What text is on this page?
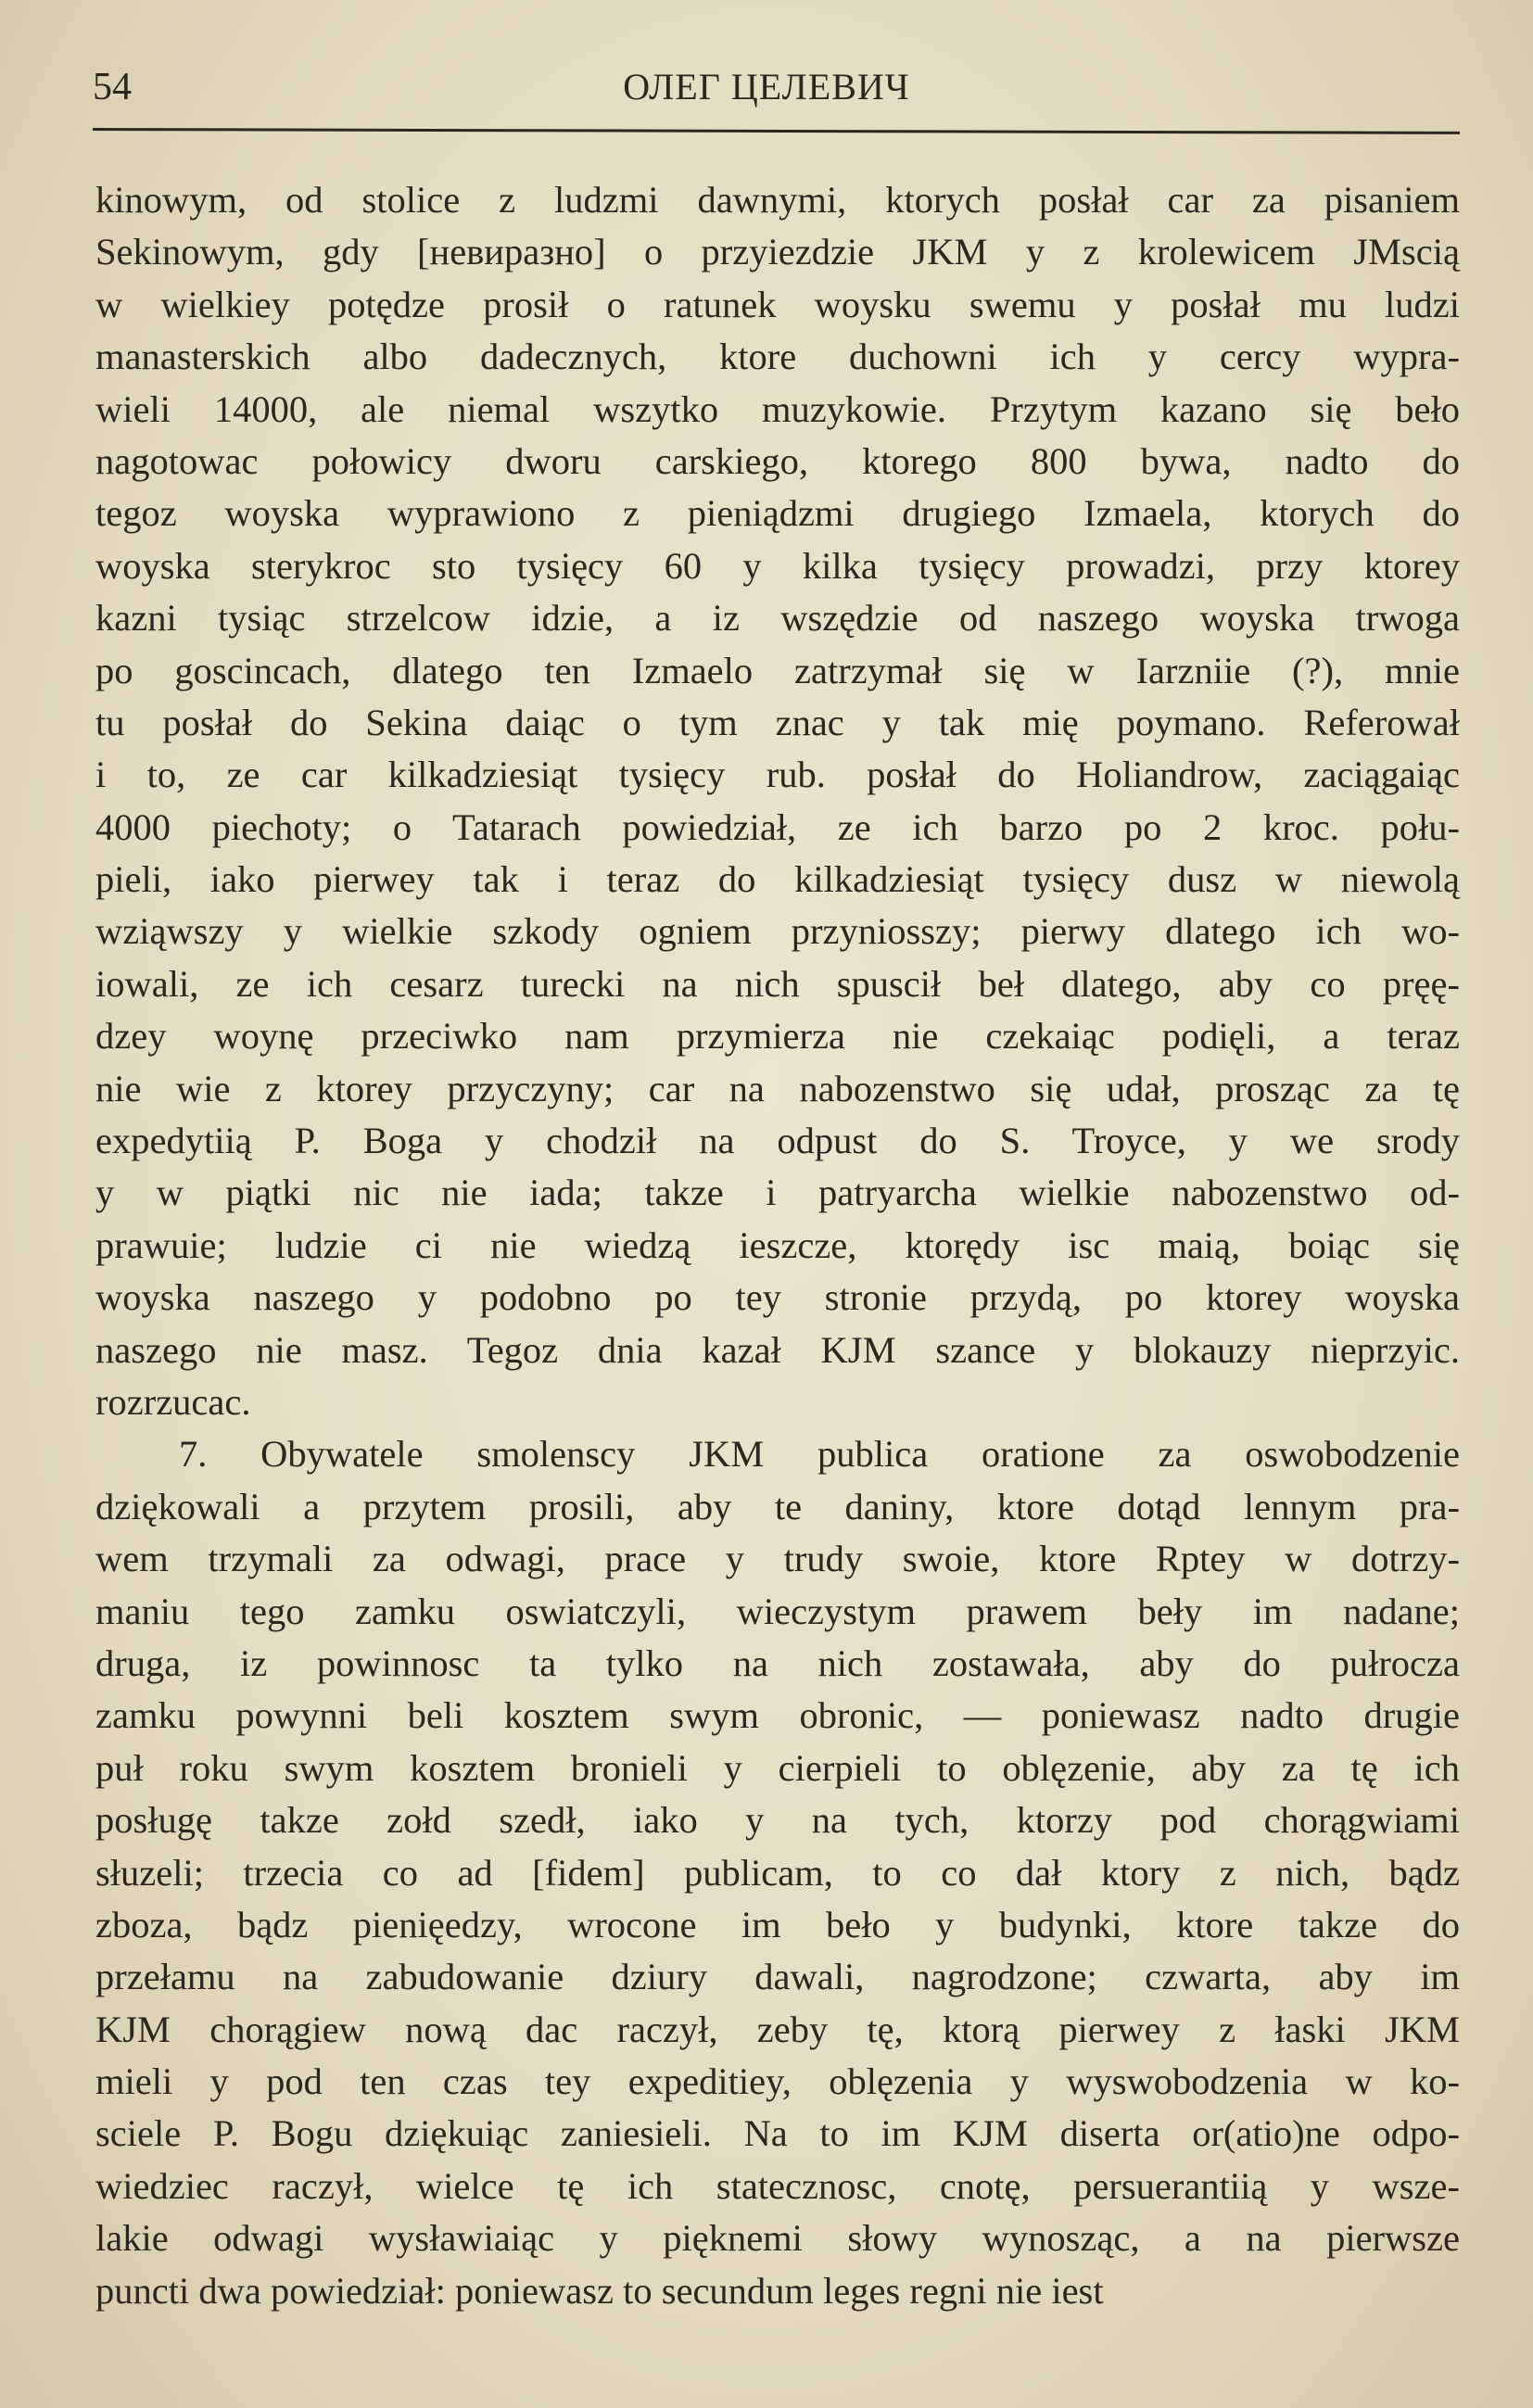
54	ОЛЕГ ЦЕЛЕВИЧ
kinowym, od stolice z ludzmi dawnymi, ktorych posłał car za pisaniem
Sekinowym, gdy [невиразно] o przyiezdzie JKM y z krolewicem JMscią
w wielkiey potędze prosił o ratunek woysku swemu y posłał mu ludzi
manasterskich albo dadecznych, ktore duchowni ich y cercy wypra-
wieli 14000, ale niemal wszytko muzykowie. Przytym kazano się beło
nagotowac połowicy dworu carskiego, ktorego 800 bywa, nadto do
tegoz woyska wyprawiono z pieniądzmi drugiego Izmaela, ktorych do
woyska sterykroc sto tysięcy 60 y kilka tysięcy prowadzi, przy ktorey
kazni tysiąc strzelcow idzie, a iz wszędzie od naszego woyska trwoga
po goscincach, dlatego ten Izmaelo zatrzymał się w Iarzniie (?), mnie
tu posłał do Sekina daiąc o tym znac y tak mię poymano. Referował
i to, ze car kilkadziesiąt tysięcy rub. posłał do Holiandrow, zaciągaiąc
4000 piechoty; o Tatarach powiedział, ze ich barzo po 2 kroc. połu-
pieli, iako pierwey tak i teraz do kilkadziesiąt tysięcy dusz w niewolą
wziąwszy y wielkie szkody ogniem przyniosszy; pierwy dlatego ich wo-
iowali, ze ich cesarz turecki na nich spuscił beł dlatego, aby co pręę-
dzey woynę przeciwko nam przymierza nie czekaiąc podięli, a teraz
nie wie z ktorey przyczyny; car na nabozenstwo się udał, prosząc za tę
expedytiią P. Boga y chodził na odpust do S. Troyce, y we srody
y w piątki nic nie iada; takze i patryarcha wielkie nabozenstwo od-
prawuie; ludzie ci nie wiedzą ieszcze, ktorędy isc maią, boiąc się
woyska naszego y podobno po tey stronie przydą, po ktorey woyska
naszego nie masz. Tegoz dnia kazał KJM szance y blokauzy nieprzyic.
rozrzucac.
7. Obywatele smolenscy JKM publica oratione za oswobodzenie
dziękowali a przytem prosili, aby te daniny, ktore dotąd lennym pra-
wem trzymali za odwagi, prace y trudy swoie, ktore Rptey w dotrzy-
maniu tego zamku oswiatczyli, wieczystym prawem beły im nadane;
druga, iz powinnosc ta tylko na nich zostawała, aby do pułrocza
zamku powynni beli kosztem swym obronic, — poniewasz nadto drugie
puł roku swym kosztem bronieli y cierpieli to oblęzenie, aby za tę ich
posługę takze zołd szedł, iako y na tych, ktorzy pod chorągwiami
słuzeli; trzecia co ad [fidem] publicam, to co dał ktory z nich, bądz
zboza, bądz pienięedzy, wrocone im beło y budynki, ktore takze do
przełamu na zabudowanie dziury dawali, nagrodzone; czwarta, aby im
KJM chorągiew nową dac raczył, zeby tę, ktorą pierwey z łaski JKM
mieli y pod ten czas tey expeditiey, oblęzenia y wyswobodzenia w ko-
sciele P. Bogu dziękuiąc zaniesieli. Na to im KJM diserta or(atio)ne odpo-
wiedziec raczył, wielce tę ich statecznosc, cnotę, persuerantiią y wsze-
lakie odwagi wysławiaiąc y pięknemi słowy wynosząc, a na pierwsze
puncti dwa powiedział: poniewasz to secundum leges regni nie iest
